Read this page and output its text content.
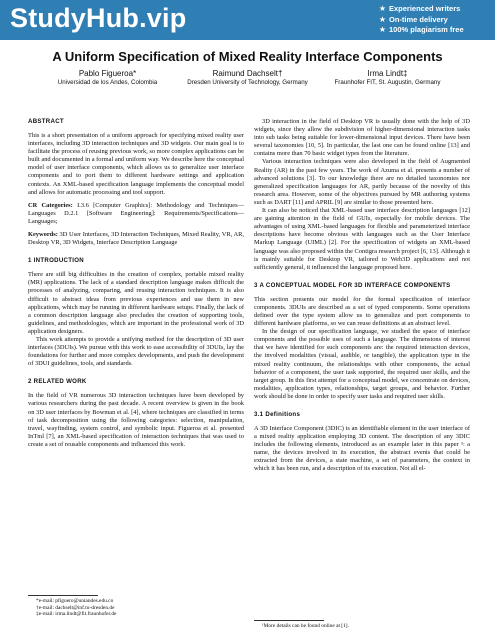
StudyHub.vip	★ Experienced writers
★ On-time delivery
★ 100% plagiarism free
A Uniform Specification of Mixed Reality Interface Components
Pablo Figueroa*
Universidad de los Andes, Colombia
Raimund Dachselt†
Dresden University of Technology, Germany
Irma Lindt‡
Fraunhofer FIT, St. Augustin, Germany
ABSTRACT

This is a short presentation of a uniform approach for specifying mixed reality user interfaces, including 3D interaction techniques and 3D widgets. Our main goal is to facilitate the process of reusing previous work, so more complex applications can be built and documented in a formal and uniform way. We describe here the conceptual model of user interface components, which allows us to generalize user interface components and to port them to different hardware settings and application contexts. An XML-based specification language implements the conceptual model and allows for automatic processing and tool support.

CR Categories: I.3.6 [Computer Graphics]: Methodology and Techniques—Languages D.2.1 [Software Engineering]: Requirements/Specifications—Languages;

Keywords: 3D User Interfaces, 3D Interaction Techniques, Mixed Reality, VR, AR, Desktop VR, 3D Widgets, Interface Description Language

1 INTRODUCTION

There are still big difficulties in the creation of complex, portable mixed reality (MR) applications. The lack of a standard description language makes difficult the processes of analyzing, comparing, and reusing interaction techniques. It is also difficult to abstract ideas from previous experiences and use them in new applications, which may be running in different hardware setups. Finally, the lack of a common description language also precludes the creation of supporting tools, guidelines, and methodologies, which are important in the professional work of 3D application designers.

This work attempts to provide a unifying method for the description of 3D user interfaces (3DUIs). We pursue with this work to ease accessibility of 3DUIs, lay the foundations for further and more complex developments, and push the development of 3DUI guidelines, tools, and standards.

2 RELATED WORK

In the field of VR numerous 3D interaction techniques have been developed by various researchers during the past decade. A recent overview is given in the book on 3D user interfaces by Bowman et al. [4], where techniques are classified in terms of task decomposition using the following categories: selection, manipulation, travel, wayfinding, system control, and symbolic input. Figueroa et al. presented InTml [7], an XML-based specification of interaction techniques that was used to create a set of reusable components and influenced this work.

*e-mail: pfiguero@uniandes.edu.co
†e-mail: dachselt@inf.tu-dresden.de
‡e-mail: irma.lindt@fit.fraunhofer.de

3D interaction in the field of Desktop VR is usually done with the help of 3D widgets, since they allow the subdivision of higher-dimensional interaction tasks into sub tasks being suitable for lower-dimensional input devices. There have been several taxonomies [10, 5]. In particular, the last one can be found online [13] and contains more than 70 basic widget types from the literature.

Various interaction techniques were also developed in the field of Augmented Reality (AR) in the past few years. The work of Azuma et al. presents a number of advanced solutions [3]. To our knowledge there are no detailed taxonomies nor generalized specification languages for AR, partly because of the novelty of this research area. However, some of the objectives pursued by MR authoring systems such as DART [11] and APRIL [9] are similar to those presented here.

It can also be noticed that XML-based user interface description languages [12] are gaining attention in the field of GUIs, especially for mobile devices. The advantages of using XML-based languages for flexible and parameterized interface descriptions have become obvious with languages such as the User Interface Markup Language (UIML) [2]. For the specification of widgets an XML-based language was also proposed within the Contigra research project [6, 13]. Although it is mainly suitable for Desktop VR, tailored to Web3D applications and not sufficiently general, it influenced the language proposed here.

3 A CONCEPTUAL MODEL FOR 3D INTERFACE COMPONENTS

This section presents our model for the formal specification of interface components. 3DUIs are described as a set of typed components. Some operations defined over the type system allow us to generalize and port components to different hardware platforms, so we can reuse definitions at an abstract level.

In the design of our specification language, we studied the space of interface components and the possible uses of such a language. The dimensions of interest that we have identified for such components are: the required interaction devices, the involved modalities (visual, audible, or tangible), the application type in the mixed reality continuum, the relationships with other components, the actual behavior of a component, the user task supported, the required user skills, and the target group. In this first attempt for a conceptual model, we concentrate on devices, modalities, application types, relationships, target groups, and behavior. Further work should be done in order to specify user tasks and required user skills.

3.1 Definitions

A 3D Interface Component (3DIC) is an identifiable element in the user interface of a mixed reality application employing 3D content. The description of any 3DIC includes the following elements, introduced as an example later in this paper ¹: a name, the devices involved in its execution, the abstract events that could be extracted from the devices, a state machine, a set of parameters, the context in which it has been run, and a description of its execution. Not all el-

¹More details can be found online at [1].
